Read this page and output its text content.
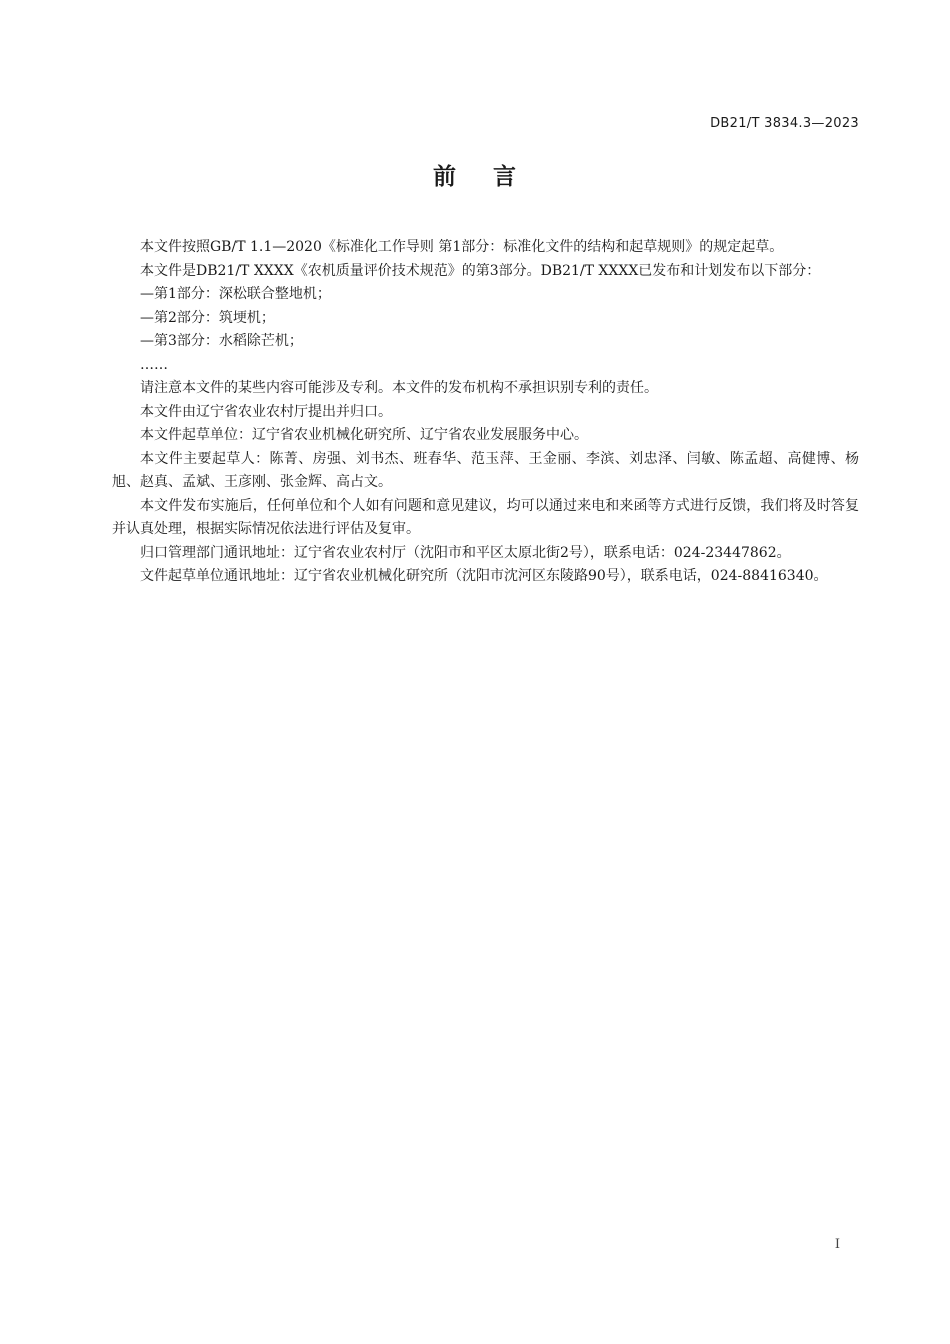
DB21/T 3834.3—2023
前    言

本文件按照GB/T 1.1—2020《标准化工作导则 第1部分：标准化文件的结构和起草规则》的规定起草。

本文件是DB21/T XXXX《农机质量评价技术规范》的第3部分。DB21/T XXXX已发布和计划发布以下部分：

—第1部分：深松联合整地机；

—第2部分：筑埂机；

—第3部分：水稻除芒机；

……

请注意本文件的某些内容可能涉及专利。本文件的发布机构不承担识别专利的责任。

本文件由辽宁省农业农村厅提出并归口。

本文件起草单位：辽宁省农业机械化研究所、辽宁省农业发展服务中心。

本文件主要起草人：陈菁、房强、刘书杰、班春华、范玉萍、王金丽、李滨、刘忠泽、闫敏、陈孟超、高健博、杨旭、赵真、孟斌、王彦刚、张金辉、高占文。

本文件发布实施后，任何单位和个人如有问题和意见建议，均可以通过来电和来函等方式进行反馈，我们将及时答复并认真处理，根据实际情况依法进行评估及复审。

归口管理部门通讯地址：辽宁省农业农村厅（沈阳市和平区太原北街2号），联系电话：024-23447862。

文件起草单位通讯地址：辽宁省农业机械化研究所（沈阳市沈河区东陵路90号），联系电话，024-88416340。

I
